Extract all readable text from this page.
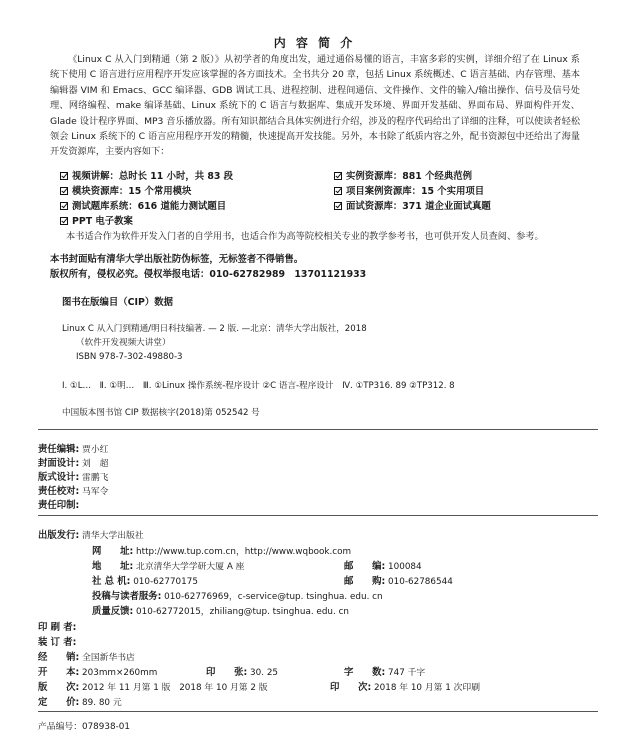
内 容 简 介
《Linux C 从入门到精通（第 2 版）》从初学者的角度出发，通过通俗易懂的语言，丰富多彩的实例，详细介绍了在 Linux 系统下使用 C 语言进行应用程序开发应该掌握的各方面技术。全书共分 20 章，包括 Linux 系统概述、C 语言基础、内存管理、基本编辑器 VIM 和 Emacs、GCC 编译器、GDB 调试工具、进程控制、进程间通信、文件操作、文件的输入/输出操作、信号及信号处理、网络编程、make 编译基础、Linux 系统下的 C 语言与数据库、集成开发环境、界面开发基础、界面布局、界面构件开发、Glade 设计程序界面、MP3 音乐播放器。所有知识都结合具体实例进行介绍，涉及的程序代码给出了详细的注释，可以使读者轻松领会 Linux 系统下的 C 语言应用程序开发的精髓，快速提高开发技能。另外，本书除了纸质内容之外，配书资源包中还给出了海量开发资源库，主要内容如下：
视频讲解：总时长 11 小时，共 83 段	实例资源库：881 个经典范例
模块资源库：15 个常用模块	项目案例资源库：15 个实用项目
测试题库系统：616 道能力测试题目	面试资源库：371 道企业面试真题
PPT 电子教案
本书适合作为软件开发入门者的自学用书，也适合作为高等院校相关专业的教学参考书，也可供开发人员查阅、参考。
本书封面贴有清华大学出版社防伪标签，无标签者不得销售。
版权所有，侵权必究。侵权举报电话：010-62782989　13701121933
图书在版编目（CIP）数据
Linux C 从入门到精通/明日科技编著. — 2 版. —北京：清华大学出版社，2018
（软件开发视频大讲堂）
ISBN 978-7-302-49880-3
Ⅰ. ①L…　Ⅱ. ①明…　Ⅲ. ①Linux 操作系统-程序设计 ②C 语言-程序设计　Ⅳ. ①TP316. 89 ②TP312. 8
中国版本图书馆 CIP 数据核字(2018)第 052542 号
责任编辑: 贾小红
封面设计: 刘　超
版式设计: 雷鹏飞
责任校对: 马军令
责任印制:
出版发行: 清华大学出版社
网　　址: http://www.tup.com.cn，http://www.wqbook.com
地　　址: 北京清华大学学研大厦 A 座	邮　　编: 100084
社 总 机: 010-62770175	邮　　购: 010-62786544
投稿与读者服务: 010-62776969，c-service@tup. tsinghua. edu. cn
质量反馈: 010-62772015，zhiliang@tup. tsinghua. edu. cn
印 刷 者:
装 订 者:
经　　销: 全国新华书店
开　　本: 203mm×260mm	印　　张: 30. 25	字　　数: 747 千字
版　　次: 2012 年 11 月第 1 版　2018 年 10 月第 2 版	印　　次: 2018 年 10 月第 1 次印刷
定　　价: 89. 80 元
产品编号：078938-01
